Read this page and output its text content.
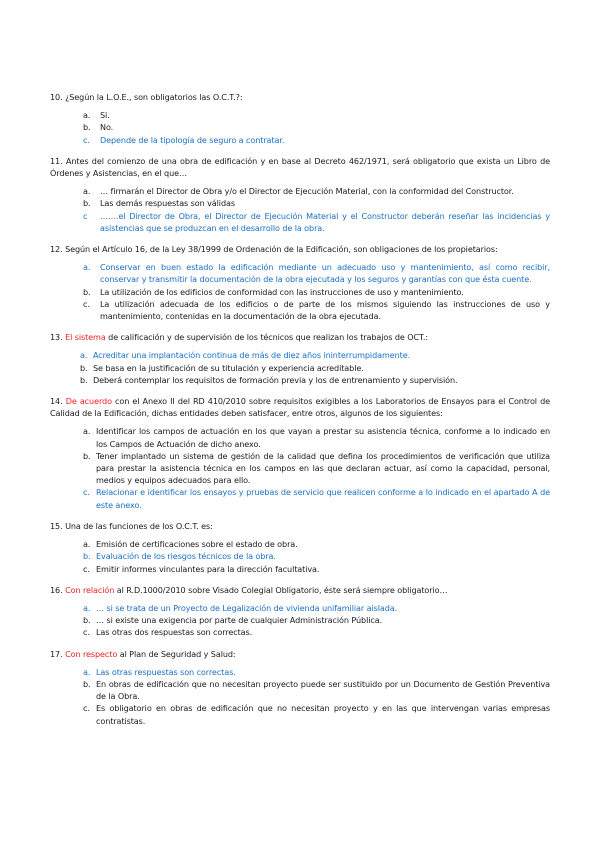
10. ¿Según la L.O.E., son obligatorios las O.C.T.?:
a. Si.
b. No.
c. Depende de la tipología de seguro a contratar.
11. Antes del comienzo de una obra de edificación y en base al Decreto 462/1971, será obligatorio que exista un Libro de Órdenes y Asistencias, en el que…
a. … firmarán el Director de Obra y/o el Director de Ejecución Material, con la conformidad del Constructor.
b. Las demás respuestas son válidas
c …….el Director de Obra, el Director de Ejecución Material y el Constructor deberán reseñar las incidencias y asistencias que se produzcan en el desarrollo de la obra.
12. Según el Artículo 16, de la Ley 38/1999 de Ordenación de la Edificación, son obligaciones de los propietarios:
a. Conservar en buen estado la edificación mediante un adecuado uso y mantenimiento, así como recibir, conservar y transmitir la documentación de la obra ejecutada y los seguros y garantías con que ésta cuente.
b. La utilización de los edificios de conformidad con las instrucciones de uso y mantenimiento.
c. La utilización adecuada de los edificios o de parte de los mismos siguiendo las instrucciones de uso y mantenimiento, contenidas en la documentación de la obra ejecutada.
13. El sistema de calificación y de supervisión de los técnicos que realizan los trabajos de OCT.:
a. Acreditar una implantación continua de más de diez años ininterrumpidamente.
b. Se basa en la justificación de su titulación y experiencia acreditable.
b. Deberá contemplar los requisitos de formación previa y los de entrenamiento y supervisión.
14. De acuerdo con el Anexo II del RD 410/2010 sobre requisitos exigibles a los Laboratorios de Ensayos para el Control de Calidad de la Edificación, dichas entidades deben satisfacer, entre otros, algunos de los siguientes:
a. Identificar los campos de actuación en los que vayan a prestar su asistencia técnica, conforme a lo indicado en los Campos de Actuación de dicho anexo.
b. Tener implantado un sistema de gestión de la calidad que defina los procedimientos de verificación que utiliza para prestar la asistencia técnica en los campos en las que declaran actuar, así como la capacidad, personal, medios y equipos adecuados para ello.
c. Relacionar e identificar los ensayos y pruebas de servicio que realicen conforme a lo indicado en el apartado A de este anexo.
15. Una de las funciones de los O.C.T. es:
a. Emisión de certificaciones sobre el estado de obra.
b. Evaluación de los riesgos técnicos de la obra.
c. Emitir informes vinculantes para la dirección facultativa.
16. Con relación al R.D.1000/2010 sobre Visado Colegial Obligatorio, éste será siempre obligatorio…
a. … si se trata de un Proyecto de Legalización de vivienda unifamiliar aislada.
b. … si existe una exigencia por parte de cualquier Administración Pública.
c. Las otras dos respuestas son correctas.
17. Con respecto al Plan de Seguridad y Salud:
a. Las otras respuestas son correctas.
b. En obras de edificación que no necesitan proyecto puede ser sustituido por un Documento de Gestión Preventiva de la Obra.
c. Es obligatorio en obras de edificación que no necesitan proyecto y en las que intervengan varias empresas contratistas.
